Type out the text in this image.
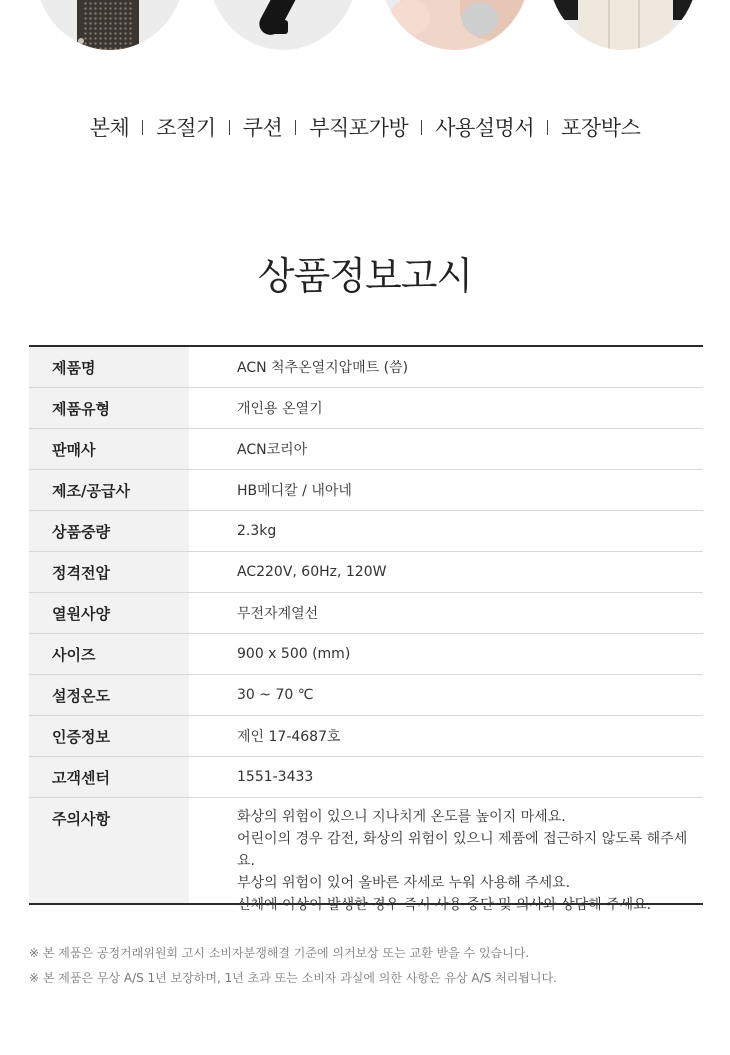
본체 조절기 쿠션 부직포가방 사용설명서 포장박스
상품정보고시
제품명	ACN 척추온열지압매트 (씀)
제품유형	개인용 온열기
판매사	ACN코리아
제조/공급사	HB메디칼 / 내아네
상품중량	2.3kg
정격전압	AC220V, 60Hz, 120W
열원사양	무전자계열선
사이즈	900 x 500 (mm)
설정온도	30 ~ 70 ℃
인증정보	제인 17-4687호
고객센터	1551-3433
주의사항	화상의 위험이 있으니 지나치게 온도를 높이지 마세요.
어린이의 경우 감전, 화상의 위험이 있으니 제품에 접근하지 않도록 해주세요.
부상의 위험이 있어 올바른 자세로 누워 사용해 주세요.
신체에 이상이 발생한 경우 즉시 사용 중단 및 의사와 상담해 주세요.
※ 본 제품은 공정거래위원회 고시 소비자분쟁해결 기준에 의거보상 또는 교환 받을 수 있습니다.
※ 본 제품은 무상 A/S 1년 보장하며, 1년 초과 또는 소비자 과실에 의한 사항은 유상 A/S 처리됩니다.
